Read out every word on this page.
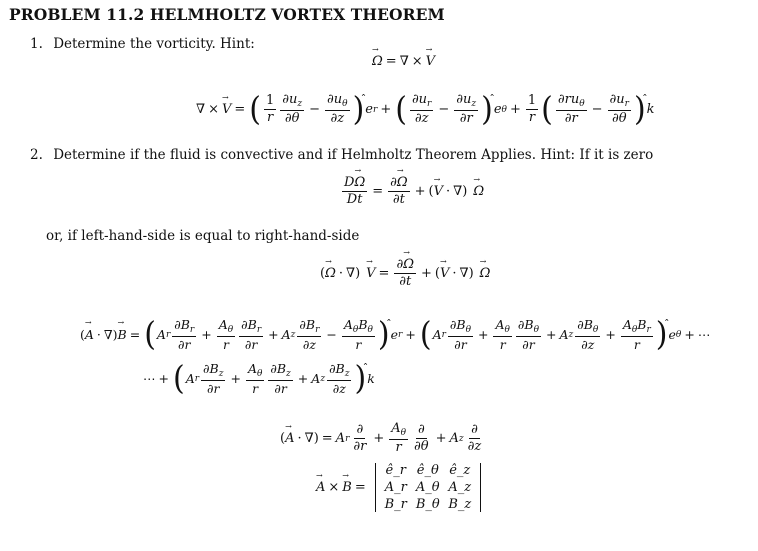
PROBLEM 11.2 HELMHOLTZ VORTEX THEOREM
1. Determine the vorticity. Hint:
→ Ω = ∇ × → V
∇ × → V = ( $\frac{1}{r} \frac{\partial u_z}{\partial\theta} - \frac{\partial u_\theta}{\partial z}$ ) ̂ e r + ( $\frac{\partial u_r}{\partial z} - \frac{\partial u_z}{\partial r}$ ) ̂ e $\theta + \frac{1}{r}$ ( $\frac{\partial ru_\theta}{\partial r} - \frac{\partial u_r}{\partial\theta}$ ) ̂ k
2. Determine if the fluid is convective and if Helmholtz Theorem Applies. Hint: If it is zero
$\frac{D\to \Omega}{Dt} = \frac{\partial\to \Omega}{\partial t}$ + ( → V · ∇ ) → Ω
or, if left-hand-side is equal to right-hand-side
( → Ω · ∇ ) → $V = \frac{\partial\to \Omega}{\partial t}$ + ( → V · ∇ ) → Ω
( → A · ∇ ) → B = ( A r $\frac{\partial B_r}{\partial r} + \frac{A_\theta}{r} \frac{\partial B_r}{\partial r} + A$ z $\frac{\partial B_r}{\partial z} - \frac{A_\theta B_\theta}{r}$ ) ̂ e r + ( A r $\frac{\partial B_\theta}{\partial r} + \frac{A_\theta}{r} \frac{\partial B_\theta}{\partial r} + A$ z $\frac{\partial B_\theta}{\partial z} + \frac{A_\theta B_r}{r}$ ) ̂ e θ + ⋯
⋯ + ( A r $\frac{\partial B_z}{\partial r} + \frac{A_\theta}{r} \frac{\partial B_z}{\partial r} + A$ z $\frac{\partial B_z}{\partial z}$ ) ̂ k
( → A · ∇ ) = A r $\frac{\partial}{\partial r} + \frac{A_\theta}{r} \frac{\partial}{\partial\theta} + A$ z $\frac{\partial}{\partial z}$
→ A × → B =
ê_r ê_θ ê_z
A_r A_θ A_z
B_r B_θ B_z
